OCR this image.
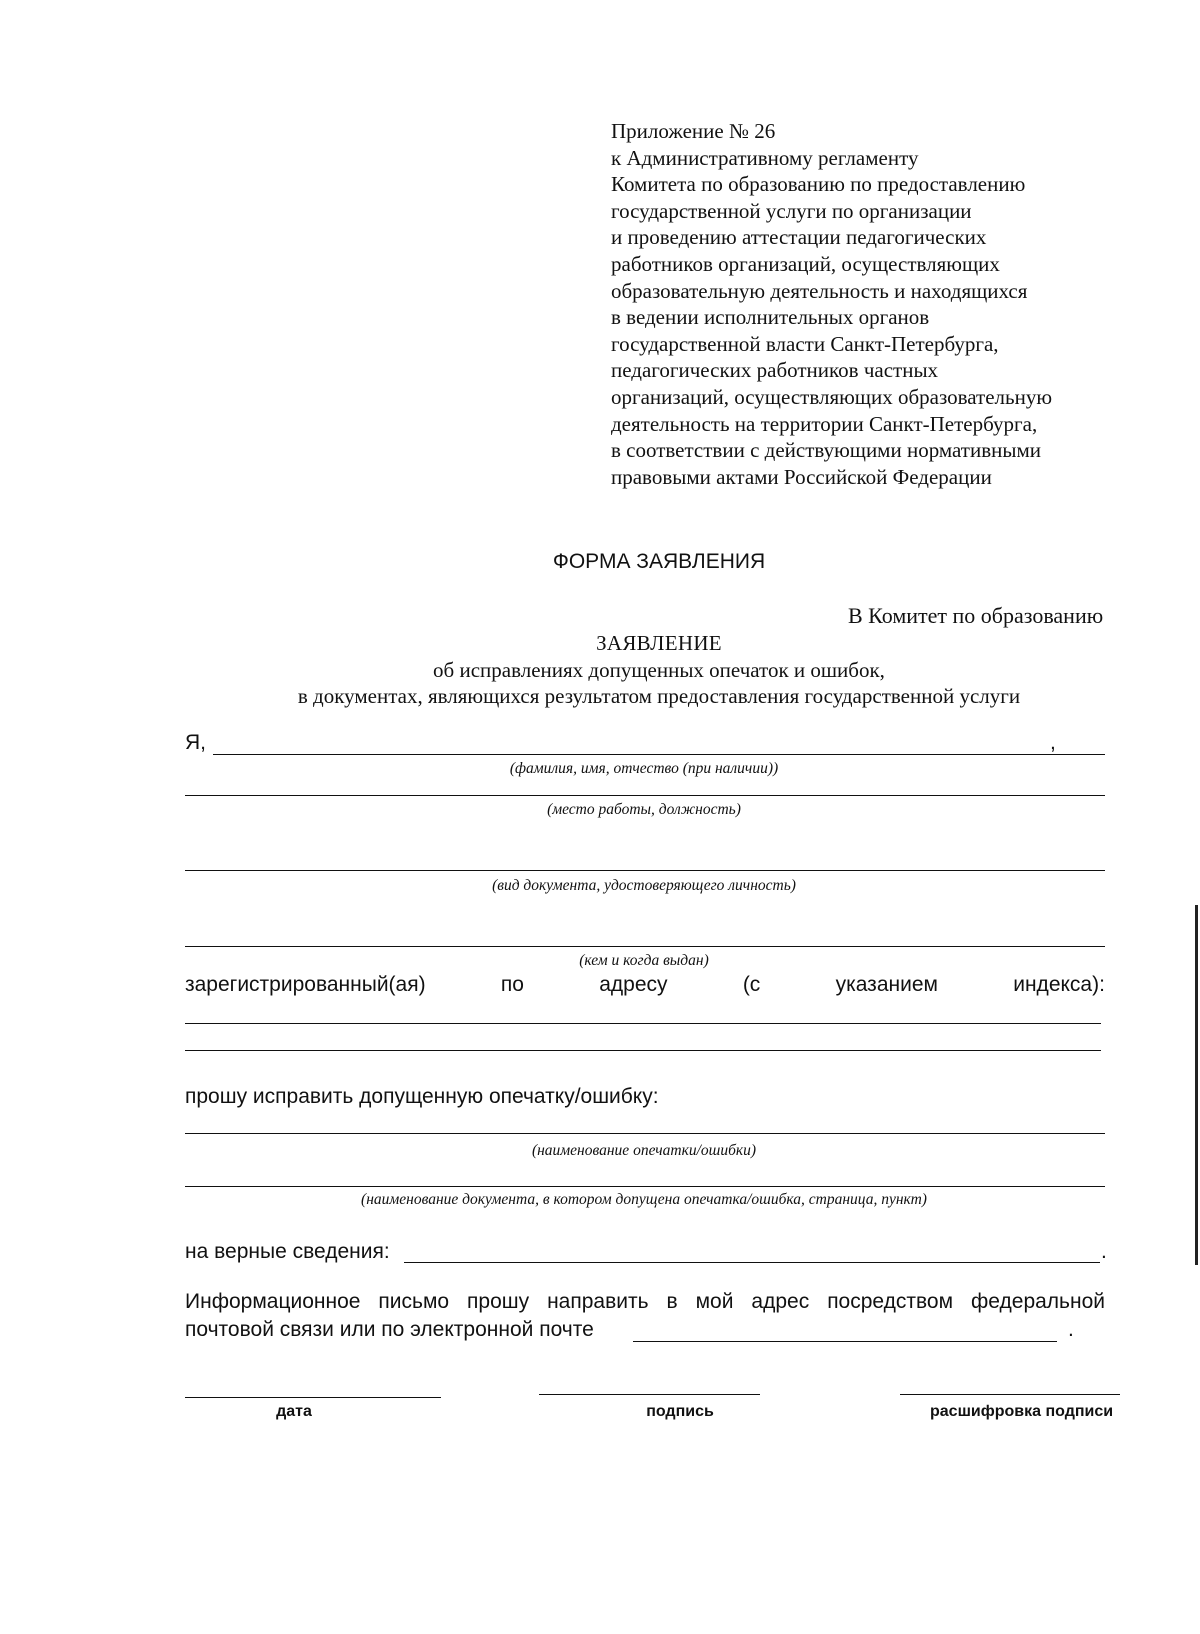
Приложение № 26
к Административному регламенту
Комитета по образованию по предоставлению
государственной услуги по организации
и проведению аттестации педагогических
работников организаций, осуществляющих
образовательную деятельность и находящихся
в ведении исполнительных органов
государственной власти Санкт-Петербурга,
педагогических работников частных
организаций, осуществляющих образовательную
деятельность на территории Санкт-Петербурга,
в соответствии с действующими нормативными
правовыми актами Российской Федерации
ФОРМА ЗАЯВЛЕНИЯ
В Комитет по образованию
ЗАЯВЛЕНИЕ
об исправлениях допущенных опечаток и ошибок,
в документах, являющихся результатом предоставления государственной услуги
Я,	,
(фамилия, имя, отчество (при наличии))
(место работы, должность)
(вид документа, удостоверяющего личность)
(кем и когда выдан)
зарегистрированный(ая)	по	адресу	(с	указанием	индекса):
прошу исправить допущенную опечатку/ошибку:
(наименование опечатки/ошибки)
(наименование документа, в котором допущена опечатка/ошибка, страница, пункт)
на верные сведения:	.
Информационное письмо прошу направить в мой адрес посредством федеральной
почтовой связи или по электронной почте	.
дата	подпись	расшифровка подписи
